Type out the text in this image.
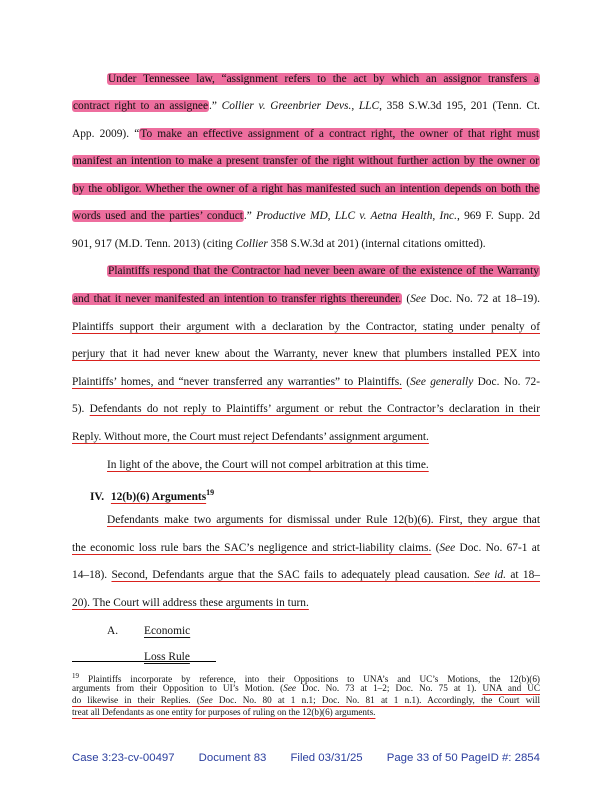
Under Tennessee law, “assignment refers to the act by which an assignor transfers a
contract right to an assignee.” Collier v. Greenbrier Devs., LLC, 358 S.W.3d 195, 201 (Tenn. Ct.
App. 2009). “To make an effective assignment of a contract right, the owner of that right must
manifest an intention to make a present transfer of the right without further action by the owner or
by the obligor. Whether the owner of a right has manifested such an intention depends on both the
words used and the parties’ conduct.” Productive MD, LLC v. Aetna Health, Inc., 969 F. Supp. 2d
901, 917 (M.D. Tenn. 2013) (citing Collier 358 S.W.3d at 201) (internal citations omitted).
Plaintiffs respond that the Contractor had never been aware of the existence of the Warranty
and that it never manifested an intention to transfer rights thereunder. (See Doc. No. 72 at 18–19).
Plaintiffs support their argument with a declaration by the Contractor, stating under penalty of
perjury that it had never knew about the Warranty, never knew that plumbers installed PEX into
Plaintiffs’ homes, and “never transferred any warranties” to Plaintiffs. (See generally Doc. No. 72-
5). Defendants do not reply to Plaintiffs’ argument or rebut the Contractor’s declaration in their
Reply. Without more, the Court must reject Defendants’ assignment argument.
In light of the above, the Court will not compel arbitration at this time.
Defendants make two arguments for dismissal under Rule 12(b)(6). First, they argue that
the economic loss rule bars the SAC’s negligence and strict-liability claims. (See Doc. No. 67-1 at
14–18). Second, Defendants argue that the SAC fails to adequately plead causation. See id. at 18–
20). The Court will address these arguments in turn.
IV. 12(b)(6) Arguments$^{19}$
A. Economic Loss Rule
$^{19}$ Plaintiffs incorporate by reference, into their Oppositions to UNA’s and UC’s Motions, the 12(b)(6)
arguments from their Opposition to UI’s Motion. (See Doc. No. 73 at 1–2; Doc. No. 75 at 1). UNA and UC
do likewise in their Replies. (See Doc. No. 80 at 1 n.1; Doc. No. 81 at 1 n.1). Accordingly, the Court will
treat all Defendants as one entity for purposes of ruling on the 12(b)(6) arguments.
Case 3:23-cv-00497 Document 83 Filed 03/31/25 Page 33 of 50 PageID #: 2854
